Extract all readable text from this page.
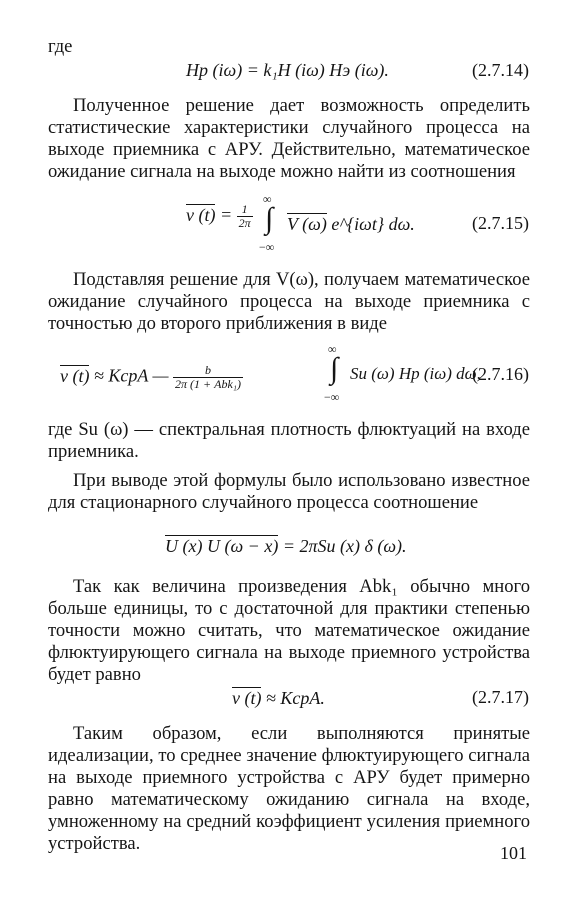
где
Hр (iω) = k₁H (iω) Hэ (iω).	(2.7.14)

Полученное решение дает возможность определить статистические характеристики случайного процесса на выходе приемника с АРУ. Действительно, математическое ожидание сигнала на выходе можно найти из соотношения

v $(t) = \frac{1}{2\pi}$
∞
∫
−∞
V (ω) e^{iωt} dω.	(2.7.15)

Подставляя решение для V(ω), получаем математическое ожидание случайного процесса на выходе приемника с точностью до второго приближения в виде

v (t) ≈ KсрA — $\frac{b}{\text{2π (1 + Abk₁)}}$
∞
∫
−∞
Su (ω) Hр (iω) dω,
(2.7.16)

где Su (ω) — спектральная плотность флюктуаций на входе приемника.

При выводе этой формулы было использовано известное для стационарного случайного процесса соотношение

U (x) U (ω − x) = 2πSu (x) δ (ω).

Так как величина произведения Abk₁ обычно много больше единицы, то с достаточной для практики степенью точности можно считать, что математическое ожидание флюктуирующего сигнала на выходе приемного устройства будет равно

v (t) ≈ KсрA.	(2.7.17)

Таким образом, если выполняются принятые идеализации, то среднее значение флюктуирующего сигнала на выходе приемного устройства с АРУ будет примерно равно математическому ожиданию сигнала на входе, умноженному на средний коэффициент усиления приемного устройства.	101
